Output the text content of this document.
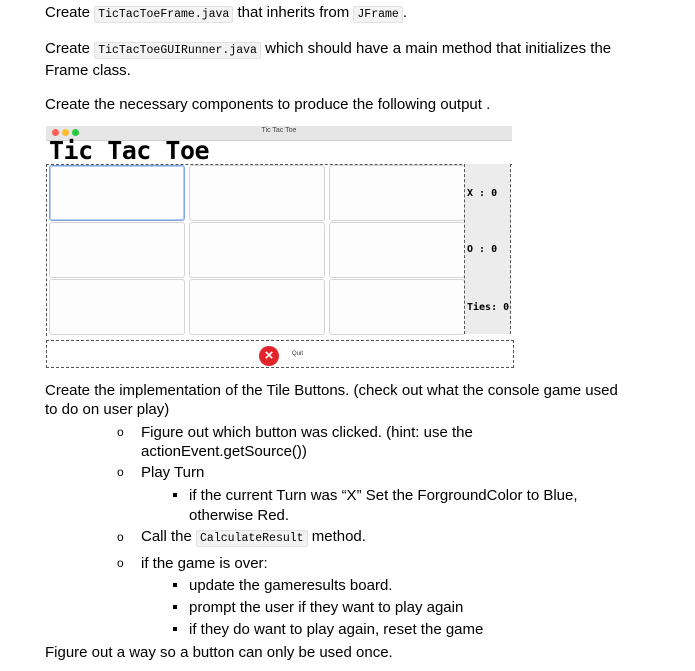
Create TicTacToeFrame.java that inherits from JFrame .
Create TicTacToeGUIRunner.java which should have a main method that initializes the
Frame class.
Create the necessary components to produce the following output .
Tic Tac Toe
Tic Tac Toe
X : 0
O : 0
Ties: 0
×	Quit
Create the implementation of the Tile Buttons. (check out what the console game used
to do on user play)
o Figure out which button was clicked. (hint: use the
actionEvent.getSource())
o Play Turn
if the current Turn was “X” Set the ForgroundColor to Blue,
otherwise Red.
o Call the CalculateResult method.
o if the game is over:
update the gameresults board.
prompt the user if they want to play again
if they do want to play again, reset the game
Figure out a way so a button can only be used once.
